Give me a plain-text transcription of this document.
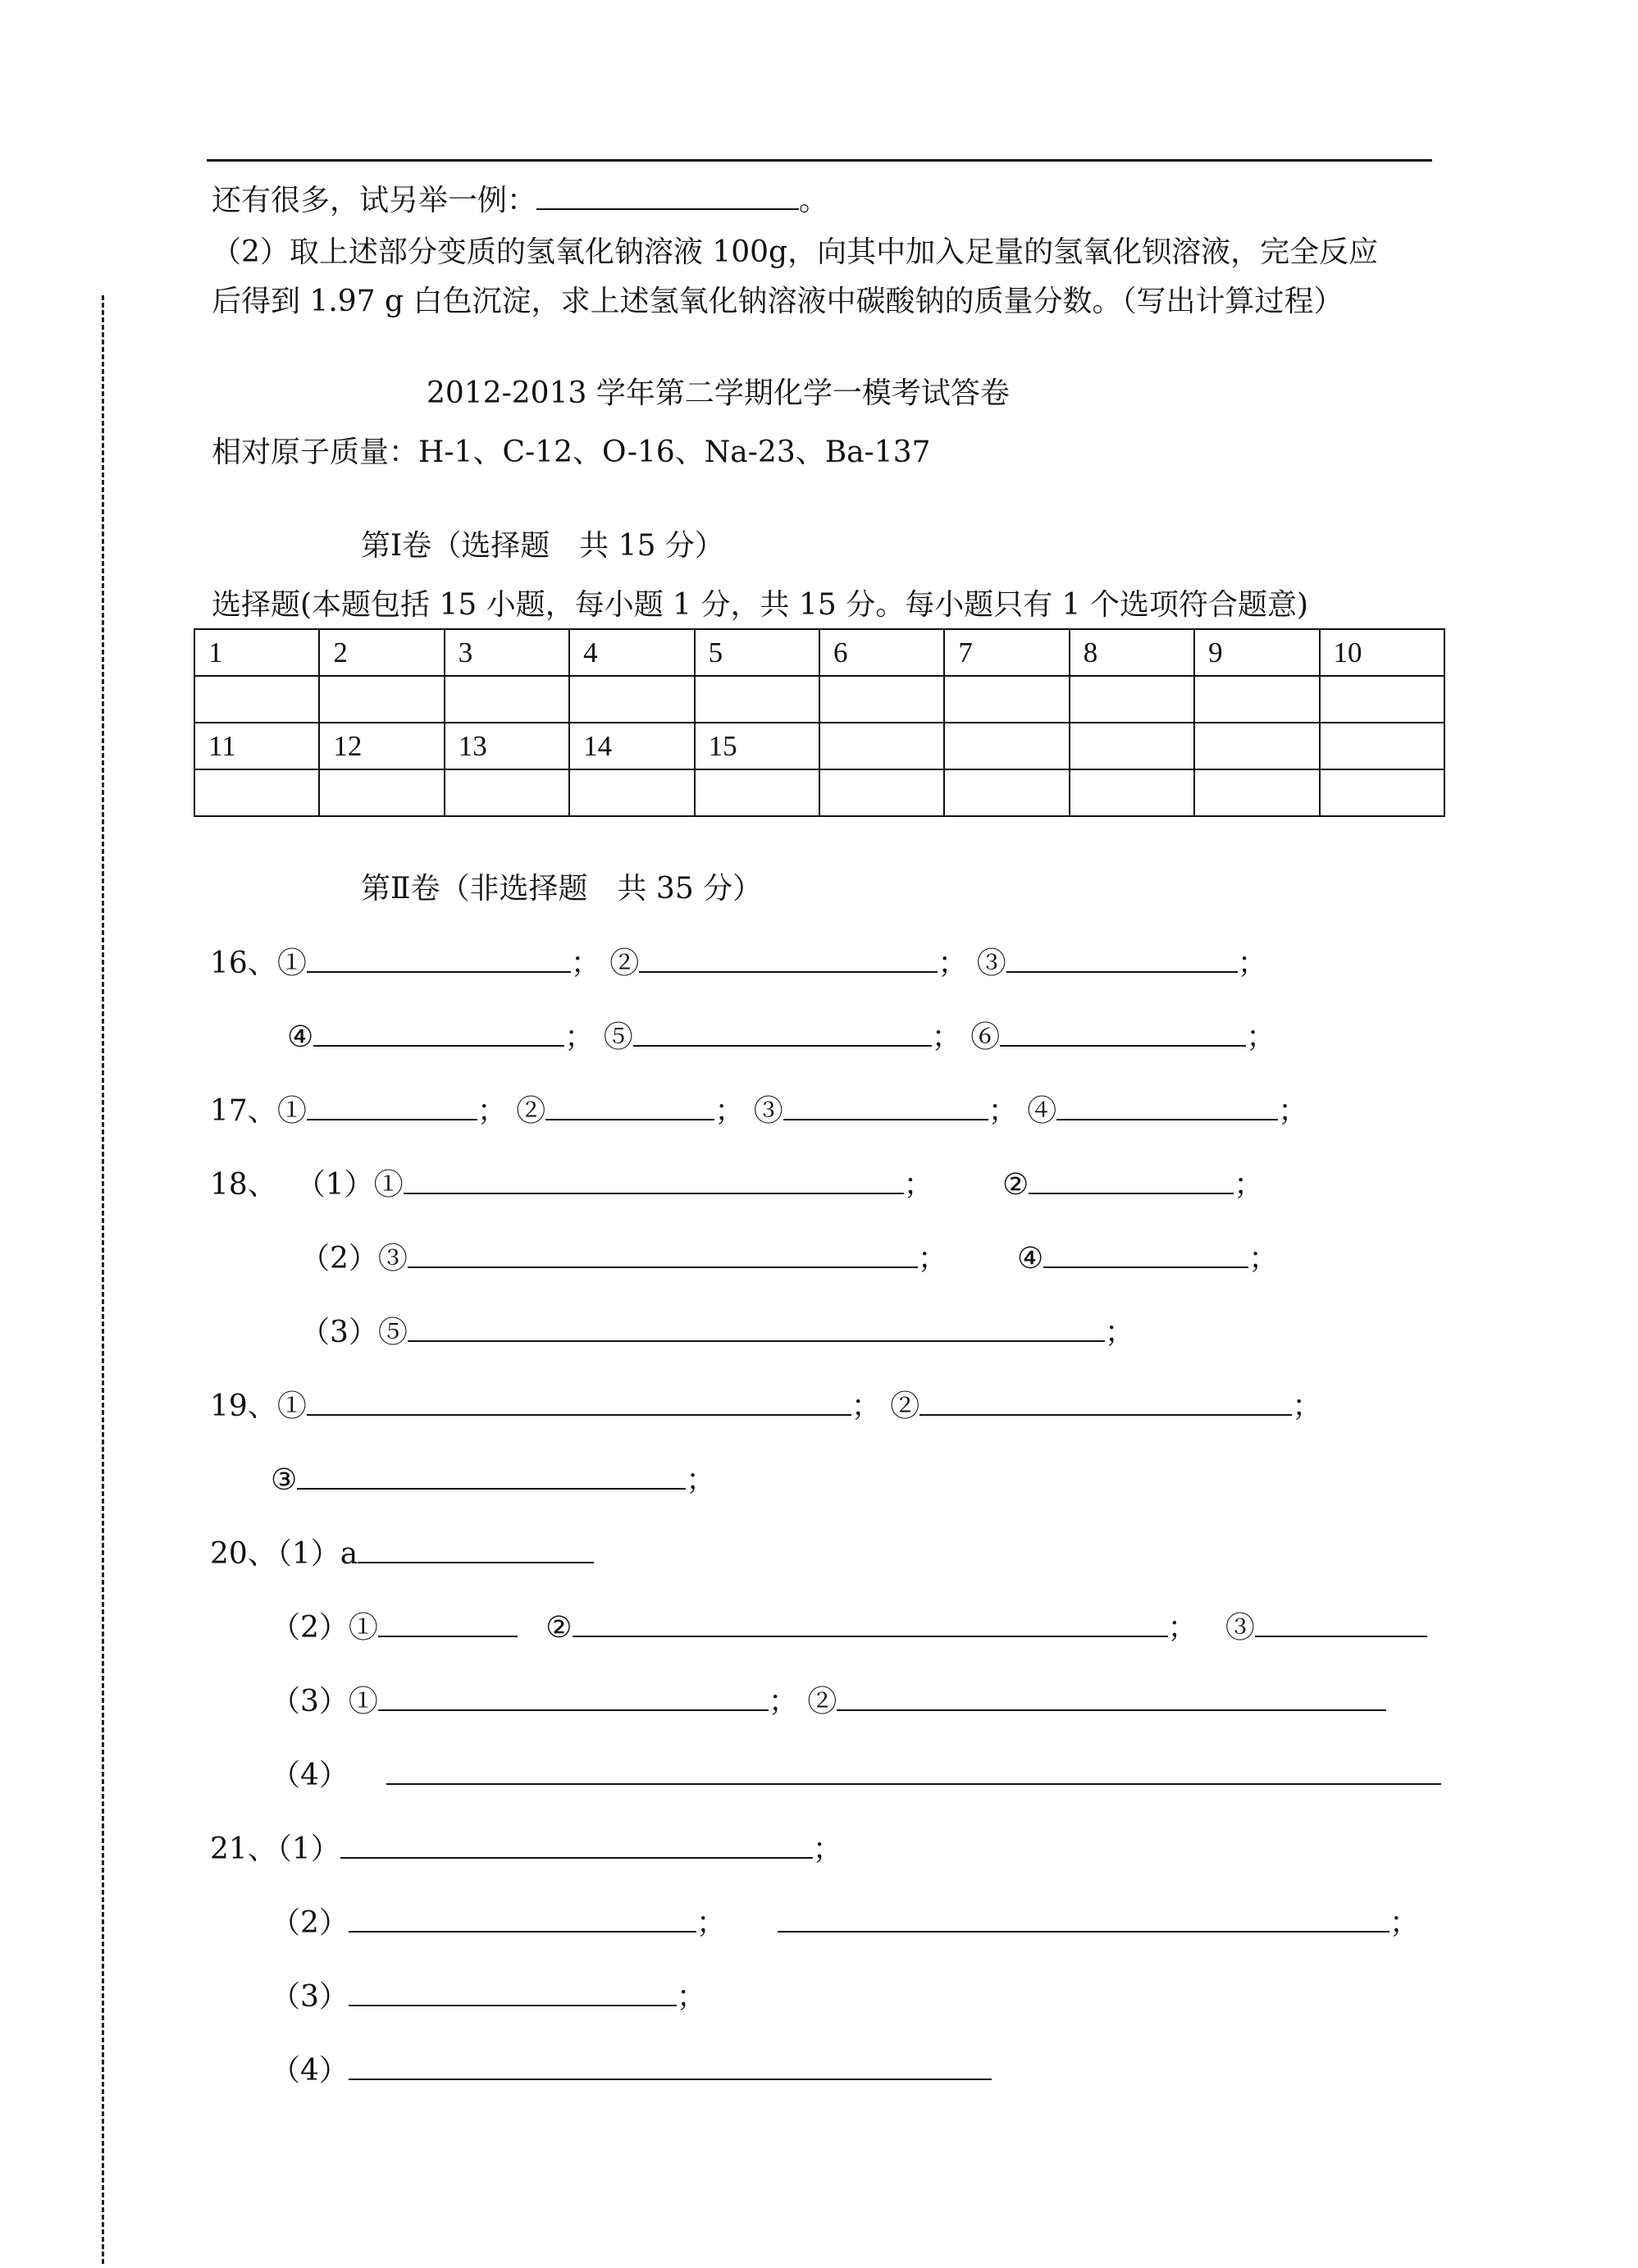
还有很多，试另举一例：	。
（2）取上述部分变质的氢氧化钠溶液 100g，向其中加入足量的氢氧化钡溶液，完全反应
后得到 1.97 g 白色沉淀，求上述氢氧化钠溶液中碳酸钠的质量分数。（写出计算过程）
2012-2013 学年第二学期化学一模考试答卷
相对原子质量：H-1、C-12、O-16、Na-23、Ba-137
第Ⅰ卷（选择题　共 15 分）
选择题(本题包括 15 小题，每小题 1 分，共 15 分。每小题只有 1 个选项符合题意)
1	2	3	4	5	6	7	8	9	10

11	12	13	14	15					

第Ⅱ卷（非选择题　共 35 分）
16、①	； ②	； ③	；
④	； ⑤	； ⑥	；
17、①	； ②	； ③	； ④	；
18、 （1）①	； ②	；
（2）③	； ④	；
（3）⑤	；
19、①	； ②	；
③	；
20、（1）a
（2）①	②	； ③
（3）①	； ②
（4）
21、（1）	；
（2）	；	；
（3）	；
（4）
